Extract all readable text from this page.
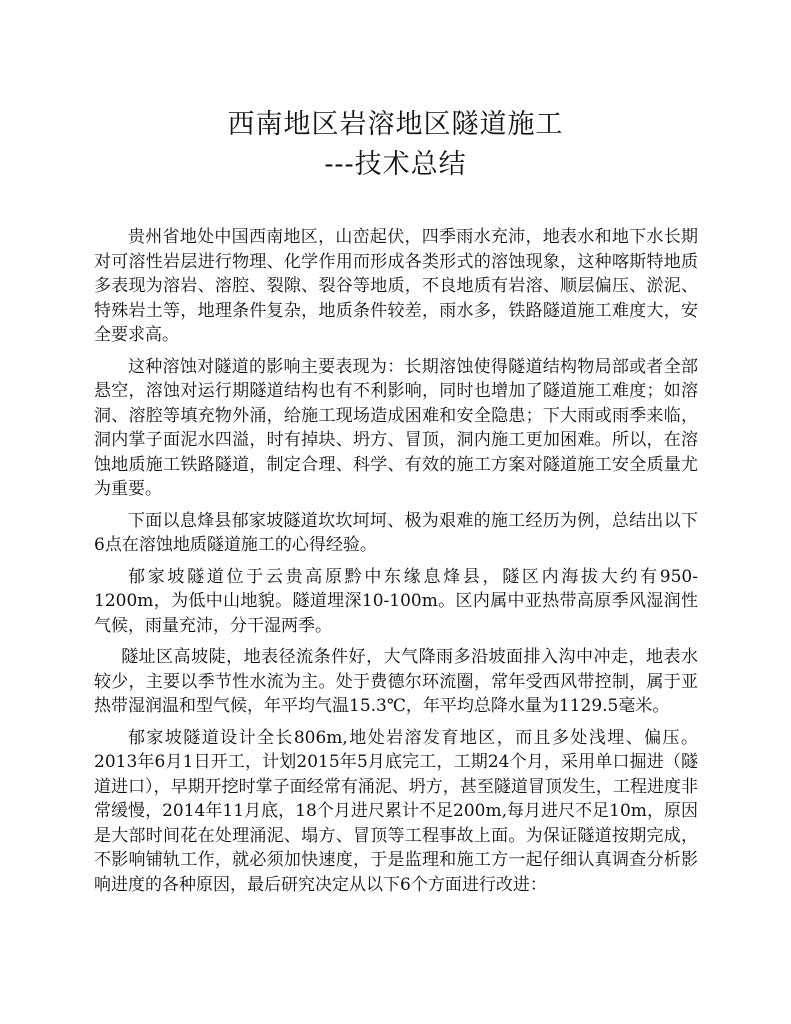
西南地区岩溶地区隧道施工
---技术总结

贵州省地处中国西南地区，山峦起伏，四季雨水充沛，地表水和地下水长期对可溶性岩层进行物理、化学作用而形成各类形式的溶蚀现象，这种喀斯特地质多表现为溶岩、溶腔、裂隙、裂谷等地质，不良地质有岩溶、顺层偏压、淤泥、特殊岩土等，地理条件复杂，地质条件较差，雨水多，铁路隧道施工难度大，安全要求高。

这种溶蚀对隧道的影响主要表现为：长期溶蚀使得隧道结构物局部或者全部悬空，溶蚀对运行期隧道结构也有不利影响，同时也增加了隧道施工难度；如溶洞、溶腔等填充物外涌，给施工现场造成困难和安全隐患；下大雨或雨季来临，洞内掌子面泥水四溢，时有掉块、坍方、冒顶，洞内施工更加困难。所以，在溶蚀地质施工铁路隧道，制定合理、科学、有效的施工方案对隧道施工安全质量尤为重要。

下面以息烽县郁家坡隧道坎坎坷坷、极为艰难的施工经历为例，总结出以下6点在溶蚀地质隧道施工的心得经验。

郁家坡隧道位于云贵高原黔中东缘息烽县，隧区内海拔大约有950-1200m，为低中山地貌。隧道埋深10-100m。区内属中亚热带高原季风湿润性气候，雨量充沛，分干湿两季。

隧址区高坡陡，地表径流条件好，大气降雨多沿坡面排入沟中冲走，地表水较少，主要以季节性水流为主。处于费德尔环流圈，常年受西风带控制，属于亚热带湿润温和型气候，年平均气温15.3℃，年平均总降水量为1129.5毫米。

郁家坡隧道设计全长806m,地处岩溶发育地区，而且多处浅埋、偏压。2013年6月1日开工，计划2015年5月底完工，工期24个月，采用单口掘进（隧道进口），早期开挖时掌子面经常有涌泥、坍方，甚至隧道冒顶发生，工程进度非常缓慢，2014年11月底，18个月进尺累计不足200m,每月进尺不足10m，原因是大部时间花在处理涌泥、塌方、冒顶等工程事故上面。为保证隧道按期完成，不影响铺轨工作，就必须加快速度，于是监理和施工方一起仔细认真调查分析影响进度的各种原因，最后研究决定从以下6个方面进行改进：
